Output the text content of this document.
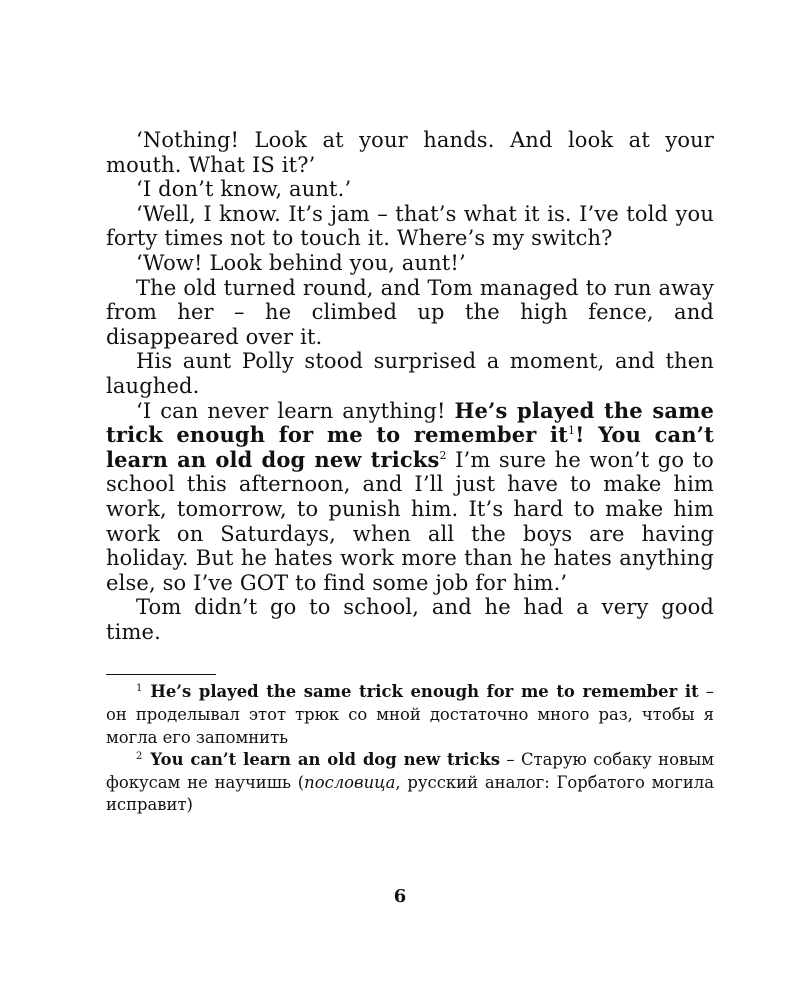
‘Nothing! Look at your hands. And look at your mouth. What IS it?’

‘I don’t know, aunt.’

‘Well, I know. It’s jam – that’s what it is. I’ve told you forty times not to touch it. Where’s my switch?

‘Wow! Look behind you, aunt!’

The old turned round, and Tom managed to run away from her – he climbed up the high fence, and disappeared over it.

His aunt Polly stood surprised a moment, and then laughed.

‘I can never learn anything! He’s played the same trick enough for me to remember it$^1$! You can’t learn an old dog new tricks$^2$ I’m sure he won’t go to school this afternoon, and I’ll just have to make him work, tomorrow, to punish him. It’s hard to make him work on Saturdays, when all the boys are having holiday. But he hates work more than he hates anything else, so I’ve GOT to find some job for him.’

Tom didn’t go to school, and he had a very good time.

$^1$ He’s played the same trick enough for me to remember it – он проделывал этот трюк со мной достаточно много раз, чтобы я могла его запомнить

$^2$ You can’t learn an old dog new tricks – Старую собаку новым фокусам не научишь (пословица, русский аналог: Горбатого могила исправит)

6
